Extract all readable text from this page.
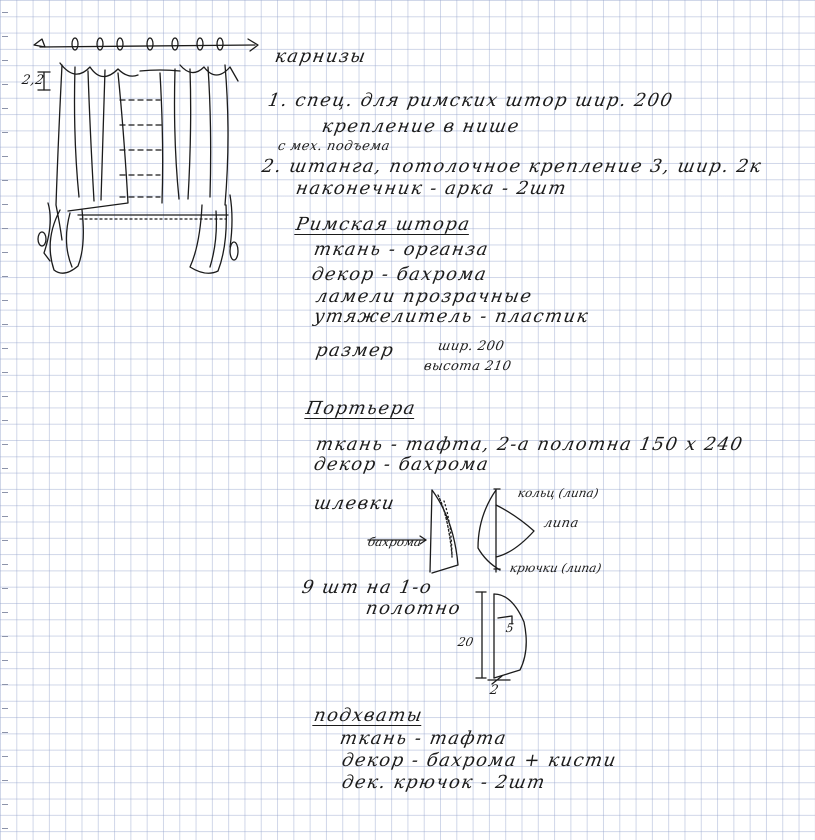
2,2
карнизы
1. спец. для римских штор шир. 200
крепление в нише
с мех. подъема
2. штанга, потолочное крепление 3, шир. 2к
наконечник - арка - 2шт
Римская штора
ткань - органза
декор - бахрома
ламели прозрачные
утяжелитель - пластик
размер	шир. 200
высота 210
Портьера
ткань - тафта, 2-а полотна 150 х 240
декор - бахрома
шлевки
бахрома
кольц (липа)
липа
крючки (липа)
9 шт на 1-о
полотно
20
5
2
подхваты
ткань - тафта
декор - бахрома + кисти
дек. крючок - 2шт
